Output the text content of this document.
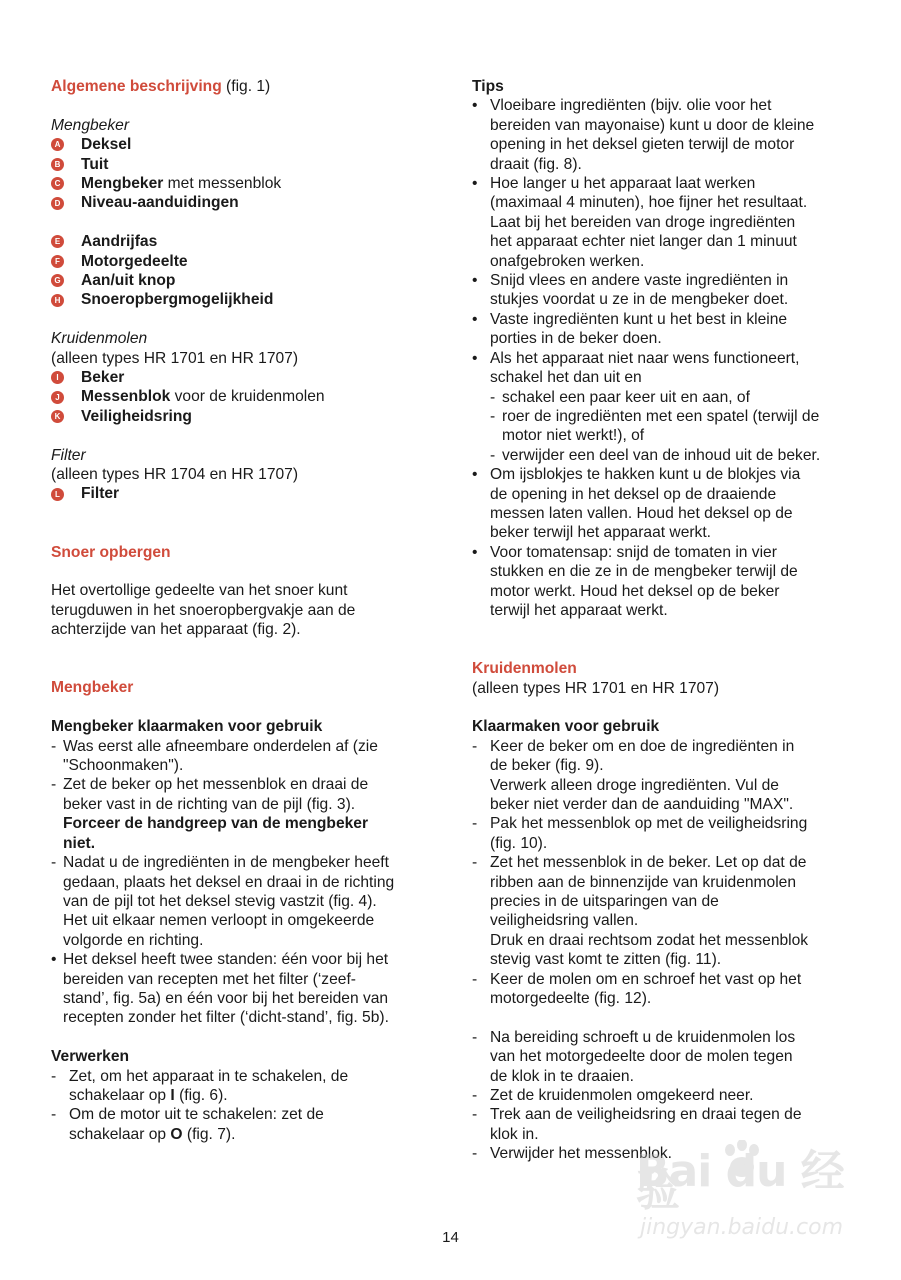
Algemene beschrijving (fig. 1)
Mengbeker
A Deksel
B Tuit
C Mengbeker met messenblok
D Niveau-aanduidingen
E Aandrijfas
F Motorgedeelte
G Aan/uit knop
H Snoeropbergmogelijkheid
Kruidenmolen
(alleen types HR 1701 en HR 1707)
I	Beker
J Messenblok voor de kruidenmolen
K Veiligheidsring
Filter
(alleen types HR 1704 en HR 1707)
L Filter
Snoer opbergen
Het overtollige gedeelte van het snoer kunt
terugduwen in het snoeropbergvakje aan de
achterzijde van het apparaat (fig. 2).
Mengbeker
Mengbeker klaarmaken voor gebruik
- Was eerst alle afneembare onderdelen af (zie
"Schoonmaken").
- Zet de beker op het messenblok en draai de
beker vast in de richting van de pijl (fig. 3).
Forceer de handgreep van de mengbeker
niet.
- Nadat u de ingrediënten in de mengbeker heeft
gedaan, plaats het deksel en draai in de richting
van de pijl tot het deksel stevig vastzit (fig. 4).
Het uit elkaar nemen verloopt in omgekeerde
volgorde en richting.
• Het deksel heeft twee standen: één voor bij het
bereiden van recepten met het filter (‘zeef-
stand’, fig. 5a) en één voor bij het bereiden van
recepten zonder het filter (‘dicht-stand’, fig. 5b).
Verwerken
- Zet, om het apparaat in te schakelen, de
schakelaar op I (fig. 6).
- Om de motor uit te schakelen: zet de
schakelaar op O (fig. 7).
Tips
• Vloeibare ingrediënten (bijv. olie voor het
bereiden van mayonaise) kunt u door de kleine
opening in het deksel gieten terwijl de motor
draait (fig. 8).
• Hoe langer u het apparaat laat werken
(maximaal 4 minuten), hoe fijner het resultaat.
Laat bij het bereiden van droge ingrediënten
het apparaat echter niet langer dan 1 minuut
onafgebroken werken.
• Snijd vlees en andere vaste ingrediënten in
stukjes voordat u ze in de mengbeker doet.
• Vaste ingrediënten kunt u het best in kleine
porties in de beker doen.
• Als het apparaat niet naar wens functioneert,
schakel het dan uit en
- schakel een paar keer uit en aan, of
- roer de ingrediënten met een spatel (terwijl de
motor niet werkt!), of
- verwijder een deel van de inhoud uit de beker.
• Om ijsblokjes te hakken kunt u de blokjes via
de opening in het deksel op de draaiende
messen laten vallen. Houd het deksel op de
beker terwijl het apparaat werkt.
• Voor tomatensap: snijd de tomaten in vier
stukken en die ze in de mengbeker terwijl de
motor werkt. Houd het deksel op de beker
terwijl het apparaat werkt.
Kruidenmolen
(alleen types HR 1701 en HR 1707)
Klaarmaken voor gebruik
- Keer de beker om en doe de ingrediënten in
de beker (fig. 9).
Verwerk alleen droge ingrediënten. Vul de
beker niet verder dan de aanduiding "MAX".
- Pak het messenblok op met de veiligheidsring
(fig. 10).
- Zet het messenblok in de beker. Let op dat de
ribben aan de binnenzijde van kruidenmolen
precies in de uitsparingen van de
veiligheidsring vallen.
Druk en draai rechtsom zodat het messenblok
stevig vast komt te zitten (fig. 11).
- Keer de molen om en schroef het vast op het
motorgedeelte (fig. 12).
- Na bereiding schroeft u de kruidenmolen los
van het motorgedeelte door de molen tegen
de klok in te draaien.
- Zet de kruidenmolen omgekeerd neer.
- Trek aan de veiligheidsring en draai tegen de
klok in.
- Verwijder het messenblok.
14
Bai du 经验
jingyan.baidu.com
